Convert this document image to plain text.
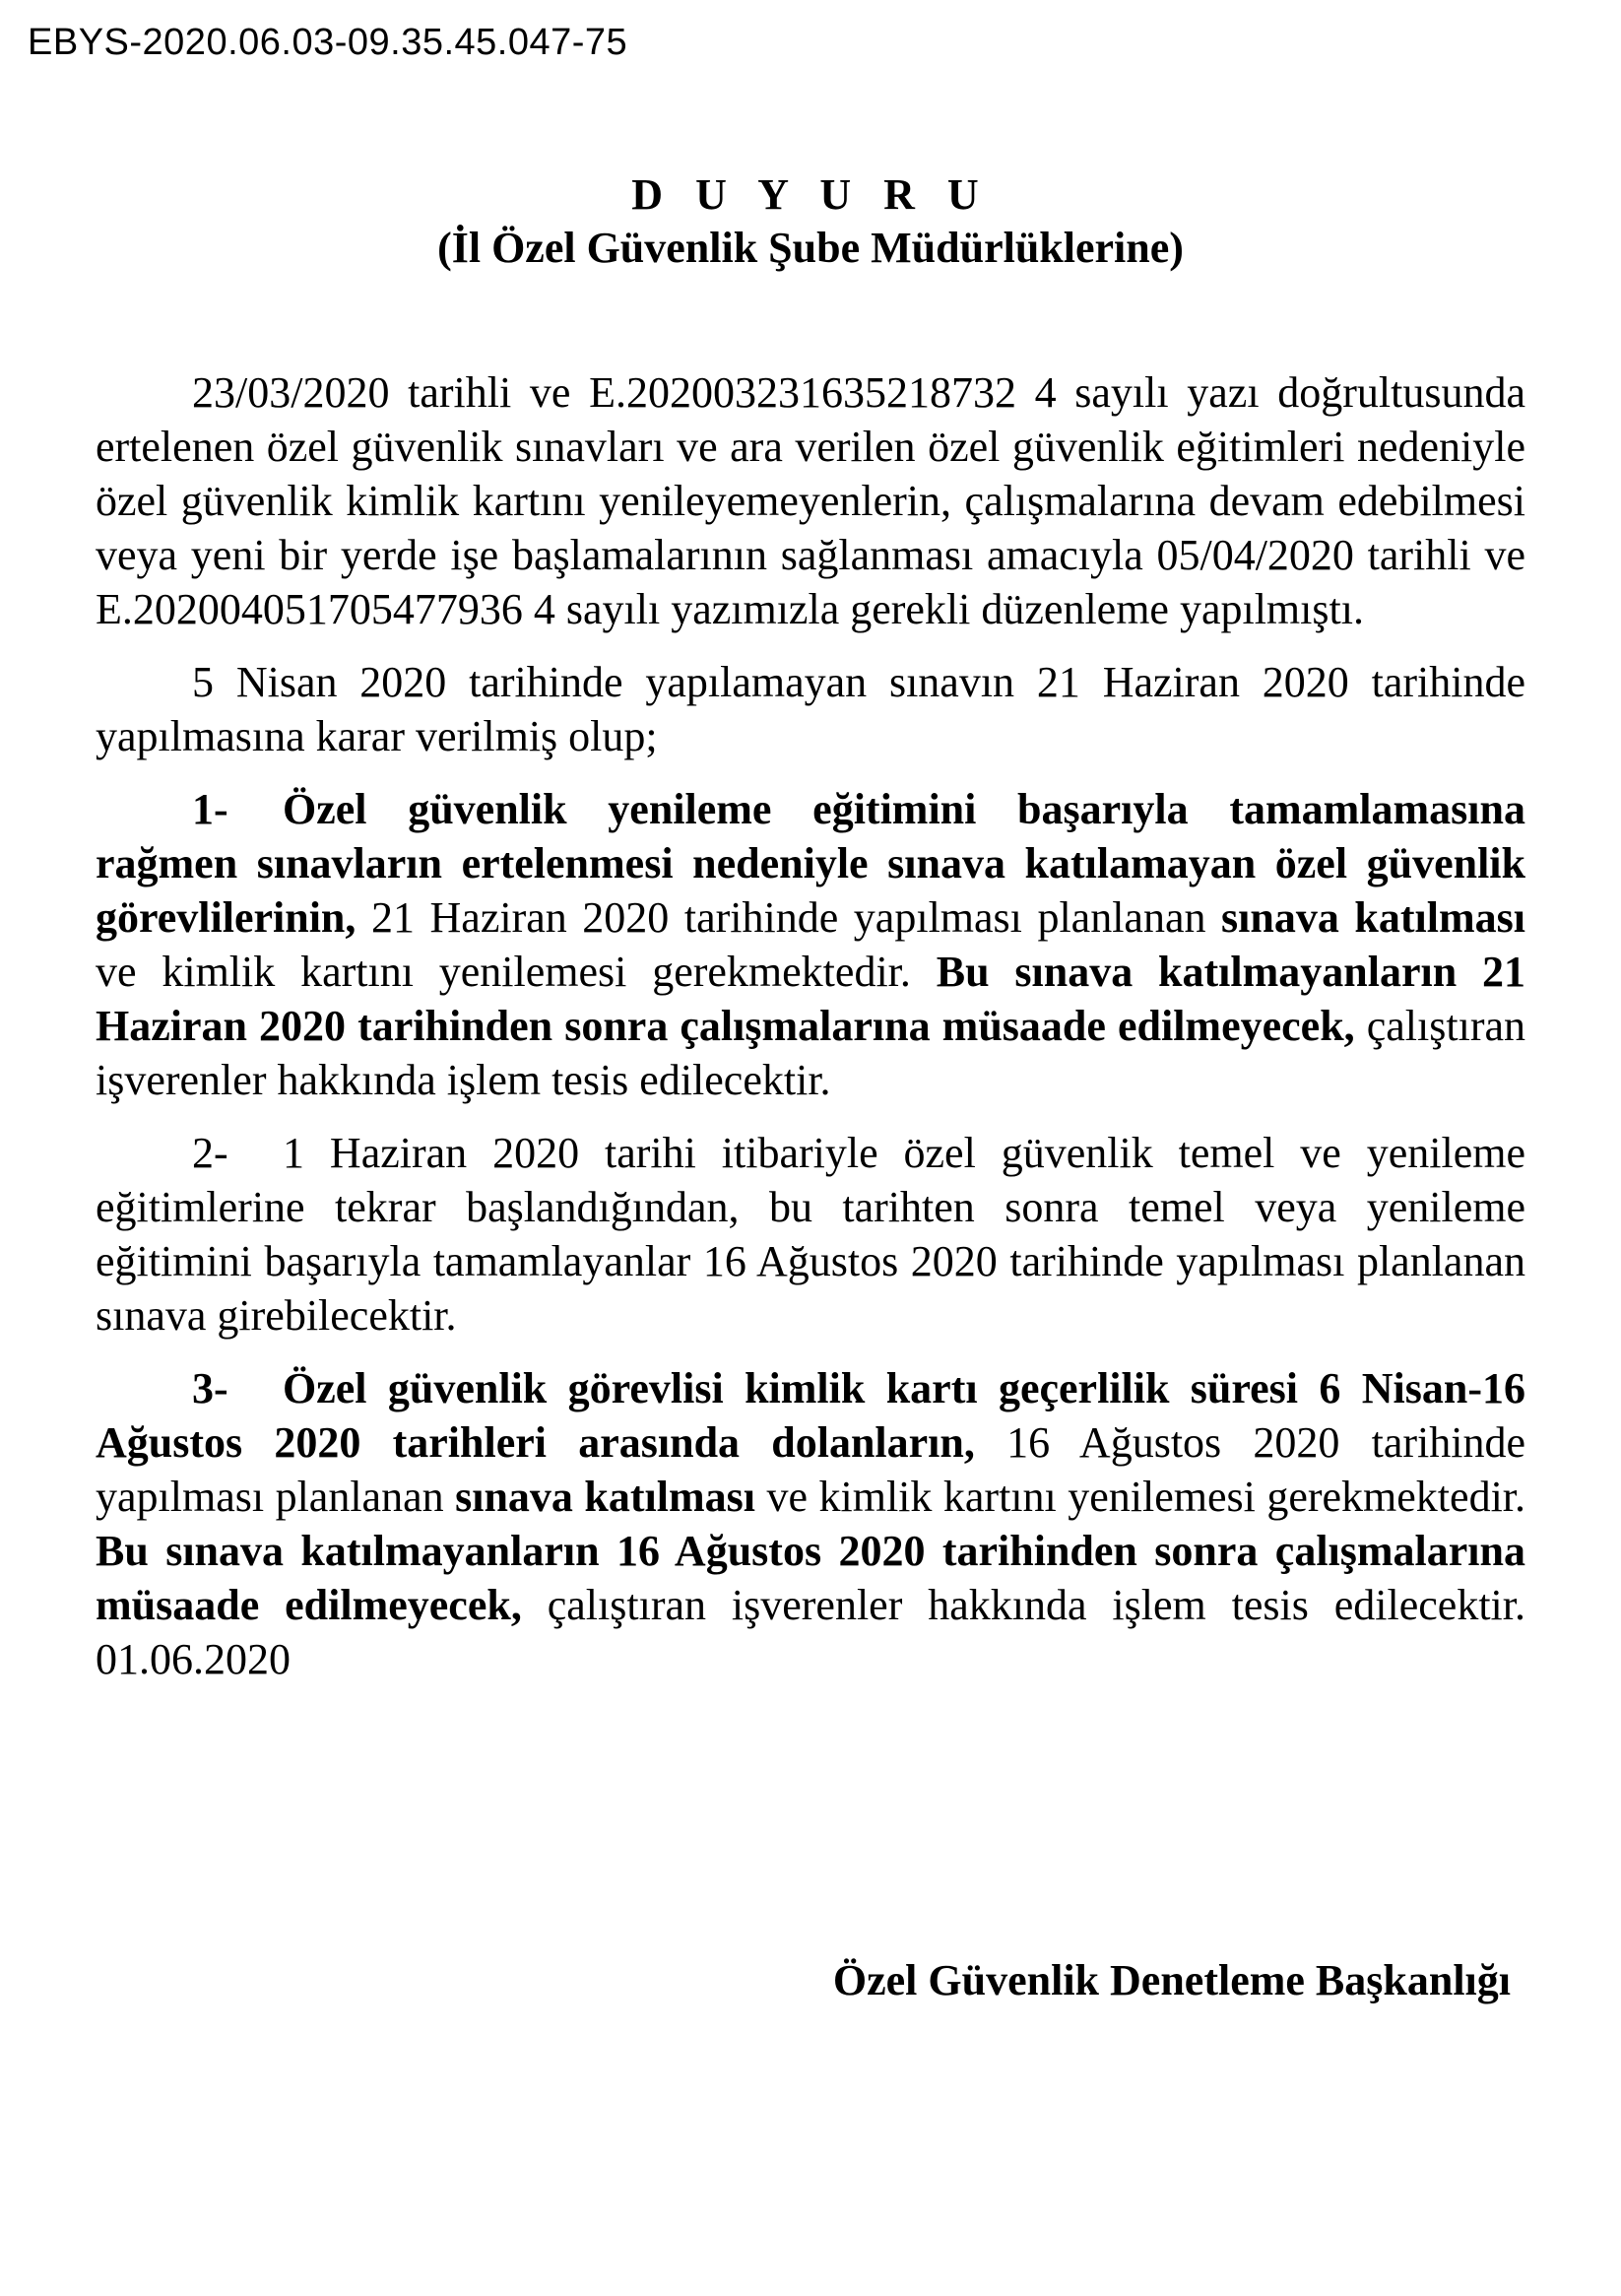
EBYS-2020.06.03-09.35.45.047-75
D U Y U R U
(İl Özel Güvenlik Şube Müdürlüklerine)

23/03/2020 tarihli ve E.202003231635218732 4 sayılı yazı doğrultusunda ertelenen özel güvenlik sınavları ve ara verilen özel güvenlik eğitimleri nedeniyle özel güvenlik kimlik kartını yenileyemeyenlerin, çalışmalarına devam edebilmesi veya yeni bir yerde işe başlamalarının sağlanması amacıyla 05/04/2020 tarihli ve E.202004051705477936 4 sayılı yazımızla gerekli düzenleme yapılmıştı.

5 Nisan 2020 tarihinde yapılamayan sınavın 21 Haziran 2020 tarihinde yapılmasına karar verilmiş olup;

1- Özel güvenlik yenileme eğitimini başarıyla tamamlamasına rağmen sınavların ertelenmesi nedeniyle sınava katılamayan özel güvenlik görevlilerinin, 21 Haziran 2020 tarihinde yapılması planlanan sınava katılması ve kimlik kartını yenilemesi gerekmektedir. Bu sınava katılmayanların 21 Haziran 2020 tarihinden sonra çalışmalarına müsaade edilmeyecek, çalıştıran işverenler hakkında işlem tesis edilecektir.

2- 1 Haziran 2020 tarihi itibariyle özel güvenlik temel ve yenileme eğitimlerine tekrar başlandığından, bu tarihten sonra temel veya yenileme eğitimini başarıyla tamamlayanlar 16 Ağustos 2020 tarihinde yapılması planlanan sınava girebilecektir.

3- Özel güvenlik görevlisi kimlik kartı geçerlilik süresi 6 Nisan-16 Ağustos 2020 tarihleri arasında dolanların, 16 Ağustos 2020 tarihinde yapılması planlanan sınava katılması ve kimlik kartını yenilemesi gerekmektedir. Bu sınava katılmayanların 16 Ağustos 2020 tarihinden sonra çalışmalarına müsaade edilmeyecek, çalıştıran işverenler hakkında işlem tesis edilecektir. 01.06.2020

Özel Güvenlik Denetleme Başkanlığı
